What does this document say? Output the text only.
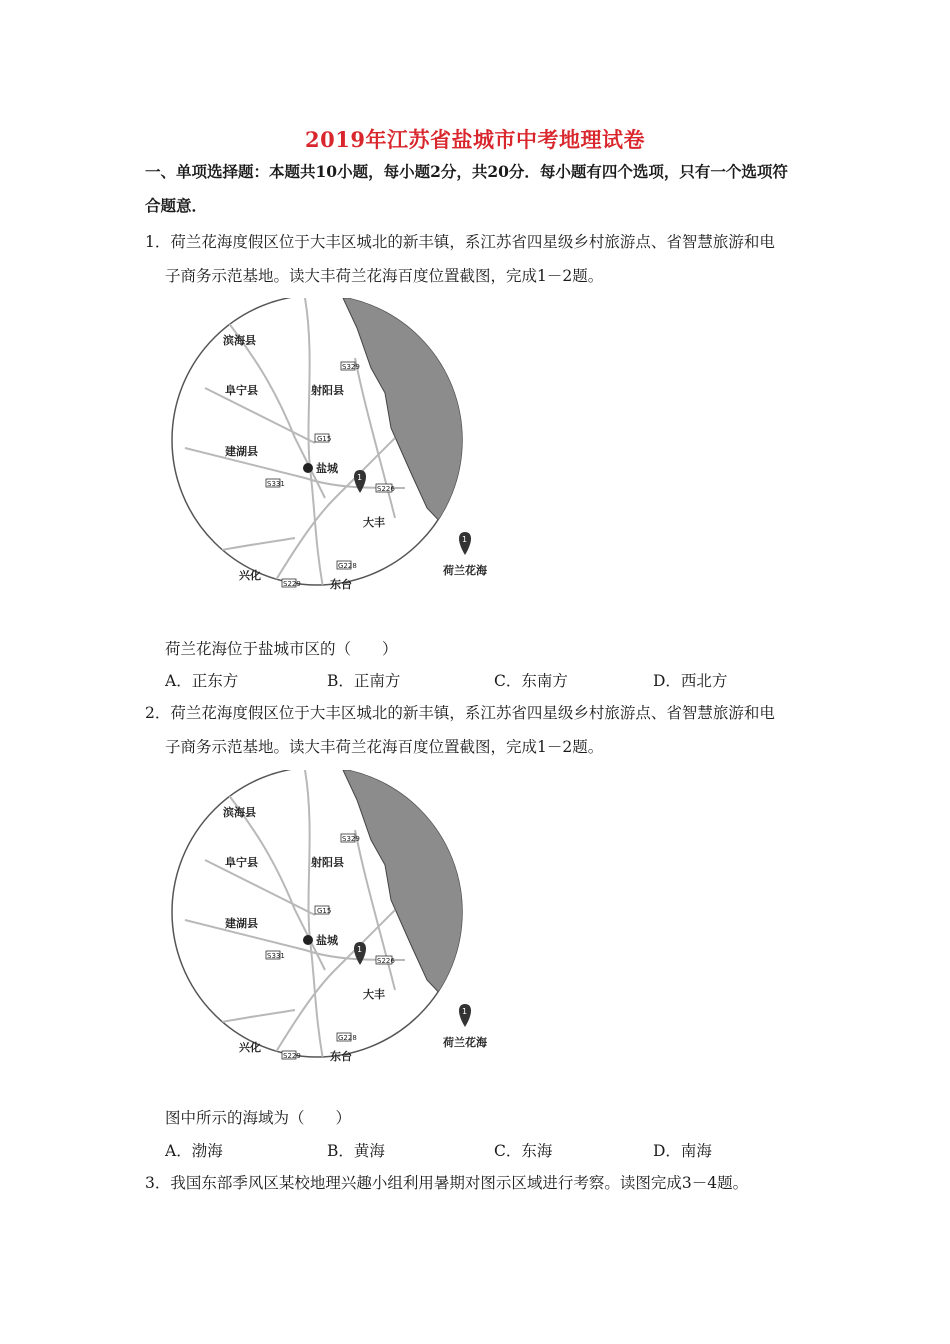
2019年江苏省盐城市中考地理试卷
一、单项选择题：本题共10小题，每小题2分，共20分．每小题有四个选项，只有一个选项符
合题意．
1．荷兰花海度假区位于大丰区城北的新丰镇，系江苏省四星级乡村旅游点、省智慧旅游和电
子商务示范基地。读大丰荷兰花海百度位置截图，完成1－2题。
滨海县
阜宁县	射阳县
建湖县
盐城
大丰
兴化
东台
S329
G15
S331
S226
G228
S229
1
1
荷兰花海
荷兰花海位于盐城市区的（　　）
A．正东方	B．正南方	C．东南方	D．西北方
2．荷兰花海度假区位于大丰区城北的新丰镇，系江苏省四星级乡村旅游点、省智慧旅游和电
子商务示范基地。读大丰荷兰花海百度位置截图，完成1－2题。
滨海县
阜宁县	射阳县
建湖县
盐城
大丰
兴化
东台
S329
G15
S331
S226
G228
S229
1
1
荷兰花海
图中所示的海域为（　　）
A．渤海	B．黄海	C．东海	D．南海
3．我国东部季风区某校地理兴趣小组利用暑期对图示区域进行考察。读图完成3－4题。
